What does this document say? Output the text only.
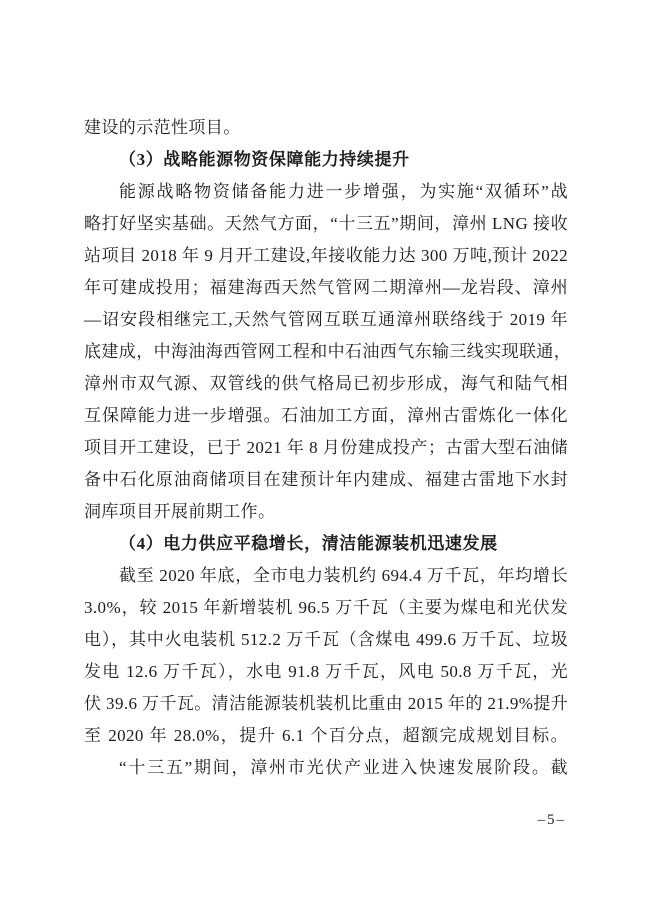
建设的示范性项目。
（3）战略能源物资保障能力持续提升
能源战略物资储备能力进一步增强，为实施“双循环”战
略打好坚实基础。天然气方面，“十三五”期间，漳州 LNG 接收
站项目 2018 年 9 月开工建设,年接收能力达 300 万吨,预计 2022
年可建成投用；福建海西天然气管网二期漳州—龙岩段、漳州
—诏安段相继完工,天然气管网互联互通漳州联络线于 2019 年
底建成，中海油海西管网工程和中石油西气东输三线实现联通，
漳州市双气源、双管线的供气格局已初步形成，海气和陆气相
互保障能力进一步增强。石油加工方面，漳州古雷炼化一体化
项目开工建设，已于 2021 年 8 月份建成投产；古雷大型石油储
备中石化原油商储项目在建预计年内建成、福建古雷地下水封
洞库项目开展前期工作。
（4）电力供应平稳增长，清洁能源装机迅速发展
截至 2020 年底，全市电力装机约 694.4 万千瓦，年均增长
3.0%，较 2015 年新增装机 96.5 万千瓦（主要为煤电和光伏发
电），其中火电装机 512.2 万千瓦（含煤电 499.6 万千瓦、垃圾
发电 12.6 万千瓦），水电 91.8 万千瓦，风电 50.8 万千瓦，光
伏 39.6 万千瓦。清洁能源装机装机比重由 2015 年的 21.9%提升
至 2020 年 28.0%，提升 6.1 个百分点，超额完成规划目标。
“十三五”期间，漳州市光伏产业进入快速发展阶段。截
–5–
